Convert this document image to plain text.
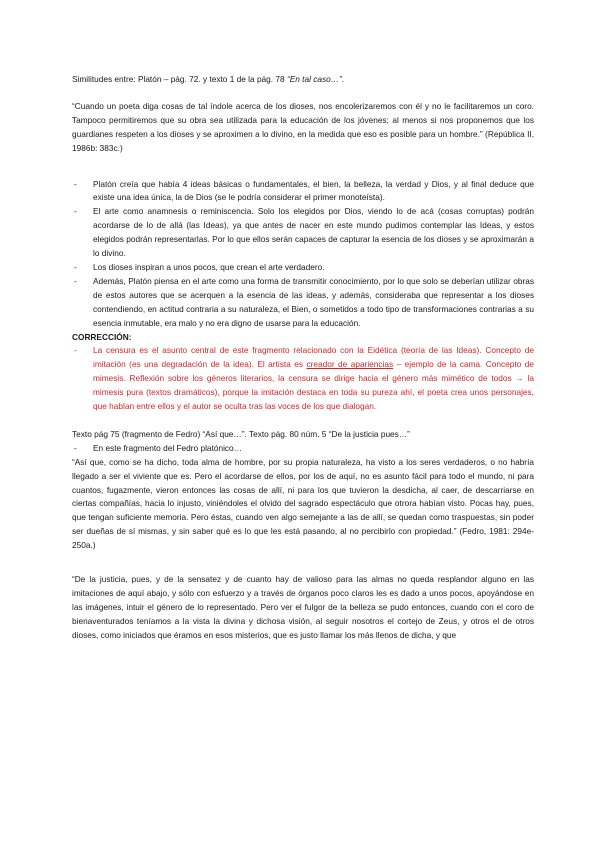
Similitudes entre: Platón – pág. 72. y texto 1 de la pág. 78 “En tal caso…”.

“Cuando un poeta diga cosas de tal índole acerca de los dioses, nos encolerizaremos con él y no le facilitaremos un coro. Tampoco permitiremos que su obra sea utilizada para la educación de los jóvenes; al menos si nos proponemos que los guardianes respeten a los dioses y se aproximen a lo divino, en la medida que eso es posible para un hombre.” (República II, 1986b: 383c.)

- Platón creía que había 4 ideas básicas o fundamentales, el bien, la belleza, la verdad y Dios, y al final deduce que existe una idea única, la de Dios (se le podría considerar el primer monoteísta).
- El arte como anamnesis o reminiscencia. Solo los elegidos por Dios, viendo lo de acá (cosas corruptas) podrán acordarse de lo de allá (las Ideas), ya que antes de nacer en este mundo pudimos contemplar las Ideas, y estos elegidos podrán representarlas. Por lo que ellos serán capaces de capturar la esencia de los dioses y se aproximarán a lo divino.
- Los dioses inspiran a unos pocos, que crean el arte verdadero.
- Además, Platón piensa en el arte como una forma de transmitir conocimiento, por lo que solo se deberían utilizar obras de estos autores que se acerquen a la esencia de las ideas, y además, consideraba que representar a los dioses contendiendo, en actitud contraria a su naturaleza, el Bien, o sometidos a todo tipo de transformaciones contrarias a su esencia inmutable, era malo y no era digno de usarse para la educación.

CORRECCIÓN:

- La censura es el asunto central de este fragmento relacionado con la Eidética (teoría de las Ideas). Concepto de imitación (es una degradación de la idea). El artista es creador de apariencias – ejemplo de la cama. Concepto de mimesis. Reflexión sobre los géneros literarios, la censura se dirige hacia el género más mimético de todos → la mimesis pura (textos dramáticos), porque la imitación destaca en toda su pureza ahí, el poeta crea unos personajes, que hablan entre ellos y el autor se oculta tras las voces de los que dialogan.

Texto pág 75 (fragmento de Fedro) “Así que…”. Texto pág. 80 núm. 5 “De la justicia pues…”

- En este fragmento del Fedro platónico…

“Así que, como se ha dicho, toda alma de hombre, por su propia naturaleza, ha visto a los seres verdaderos, o no habría llegado a ser el viviente que es. Pero el acordarse de ellos, por los de aquí, no es asunto fácil para todo el mundo, ni para cuantos, fugazmente, vieron entonces las cosas de allí, ni para los que tuvieron la desdicha, al caer, de descarriarse en ciertas compañías, hacia lo injusto, viniéndoles el olvido del sagrado espectáculo que otrora habían visto. Pocas hay, pues, que tengan suficiente memoria. Pero éstas, cuando ven algo semejante a las de allí, se quedan como traspuestas, sin poder ser dueñas de sí mismas, y sin saber qué es lo que les está pasando, al no percibirlo con propiedad.” (Fedro, 1981: 294e-250a.)

“De la justicia, pues, y de la sensatez y de cuanto hay de valioso para las almas no queda resplandor alguno en las imitaciones de aquí abajo, y sólo con esfuerzo y a través de órganos poco claros les es dado a unos pocos, apoyándose en las imágenes, intuir el género de lo representado. Pero ver el fulgor de la belleza se pudo entonces, cuando con el coro de bienaventurados teníamos a la vista la divina y dichosa visión, al seguir nosotros el cortejo de Zeus, y otros el de otros dioses, como iniciados que éramos en esos misterios, que es justo llamar los más llenos de dicha, y que
